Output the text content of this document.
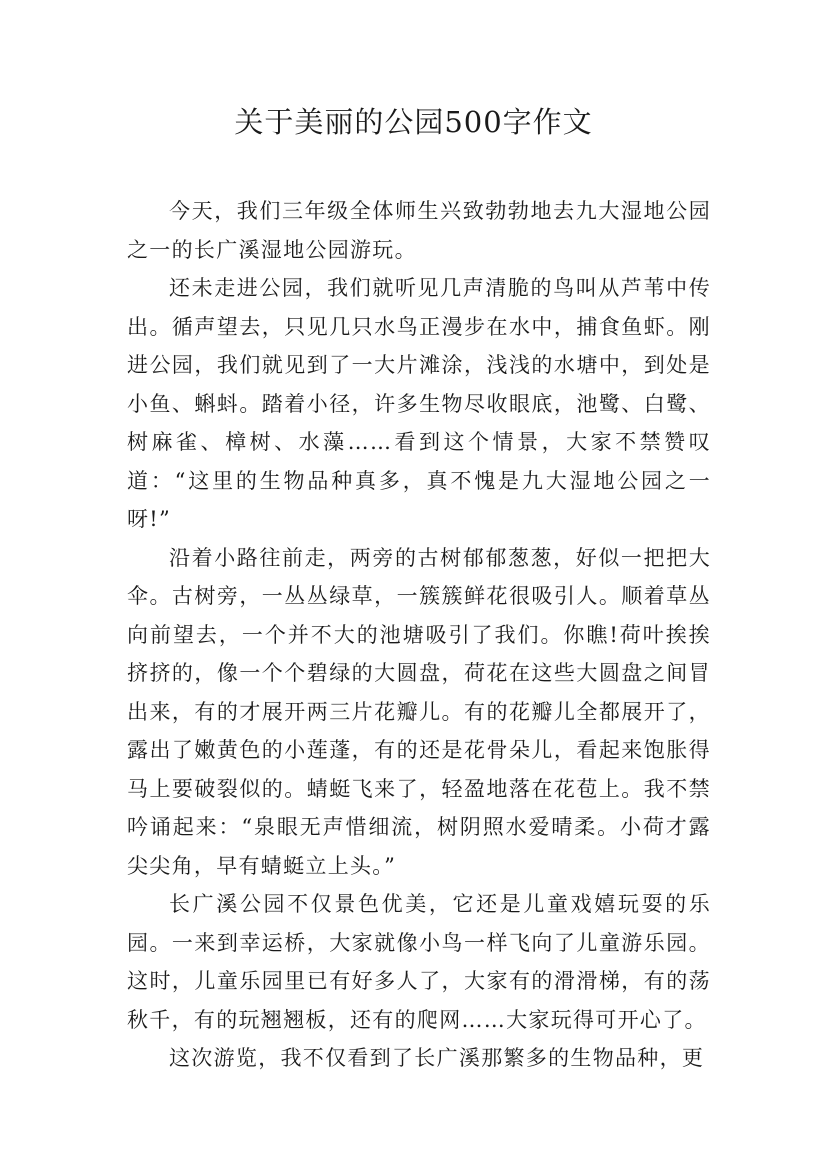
关于美丽的公园500字作文

今天，我们三年级全体师生兴致勃勃地去九大湿地公园之一的长广溪湿地公园游玩。

还未走进公园，我们就听见几声清脆的鸟叫从芦苇中传出。循声望去，只见几只水鸟正漫步在水中，捕食鱼虾。刚进公园，我们就见到了一大片滩涂，浅浅的水塘中，到处是小鱼、蝌蚪。踏着小径，许多生物尽收眼底，池鹭、白鹭、树麻雀、樟树、水藻……看到这个情景，大家不禁赞叹道：“这里的生物品种真多，真不愧是九大湿地公园之一呀!”

沿着小路往前走，两旁的古树郁郁葱葱，好似一把把大伞。古树旁，一丛丛绿草，一簇簇鲜花很吸引人。顺着草丛向前望去，一个并不大的池塘吸引了我们。你瞧!荷叶挨挨挤挤的，像一个个碧绿的大圆盘，荷花在这些大圆盘之间冒出来，有的才展开两三片花瓣儿。有的花瓣儿全都展开了，露出了嫩黄色的小莲蓬，有的还是花骨朵儿，看起来饱胀得马上要破裂似的。蜻蜓飞来了，轻盈地落在花苞上。我不禁吟诵起来：“泉眼无声惜细流，树阴照水爱晴柔。小荷才露尖尖角，早有蜻蜓立上头。”

长广溪公园不仅景色优美，它还是儿童戏嬉玩耍的乐园。一来到幸运桥，大家就像小鸟一样飞向了儿童游乐园。这时，儿童乐园里已有好多人了，大家有的滑滑梯，有的荡秋千，有的玩翘翘板，还有的爬网……大家玩得可开心了。

这次游览，我不仅看到了长广溪那繁多的生物品种，更
